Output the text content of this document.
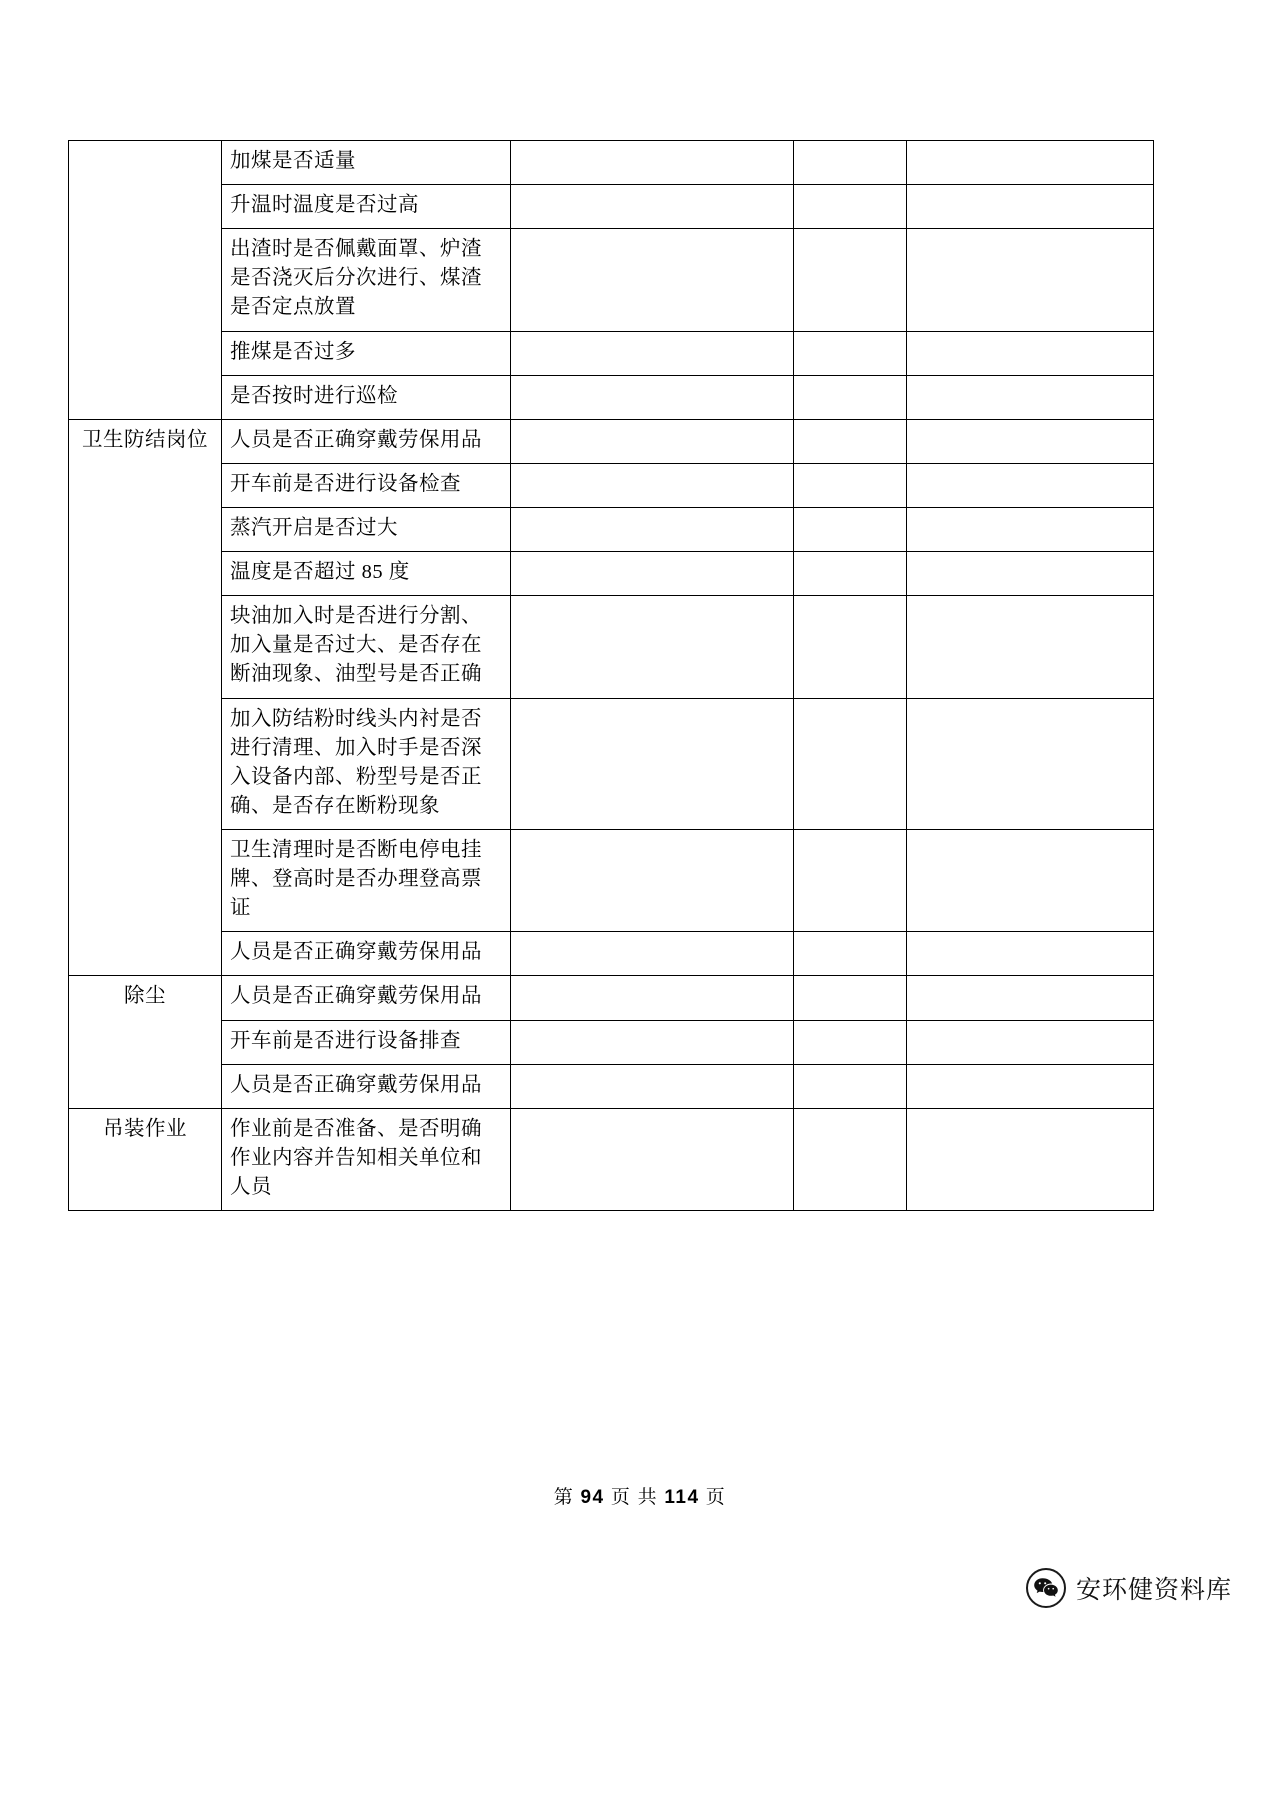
	加煤是否适量			
	升温时温度是否过高			
	出渣时是否佩戴面罩、炉渣是否浇灭后分次进行、煤渣是否定点放置			
	推煤是否过多			
	是否按时进行巡检			
卫生防结岗位	人员是否正确穿戴劳保用品			
	开车前是否进行设备检查			
	蒸汽开启是否过大			
	温度是否超过 85 度			
	块油加入时是否进行分割、加入量是否过大、是否存在断油现象、油型号是否正确			
	加入防结粉时线头内衬是否进行清理、加入时手是否深入设备内部、粉型号是否正确、是否存在断粉现象			
	卫生清理时是否断电停电挂牌、登高时是否办理登高票证			
	人员是否正确穿戴劳保用品			
除尘	人员是否正确穿戴劳保用品			
	开车前是否进行设备排查			
	人员是否正确穿戴劳保用品			
吊装作业	作业前是否准备、是否明确作业内容并告知相关单位和人员			
第 94 页 共 114 页
安环健资料库
